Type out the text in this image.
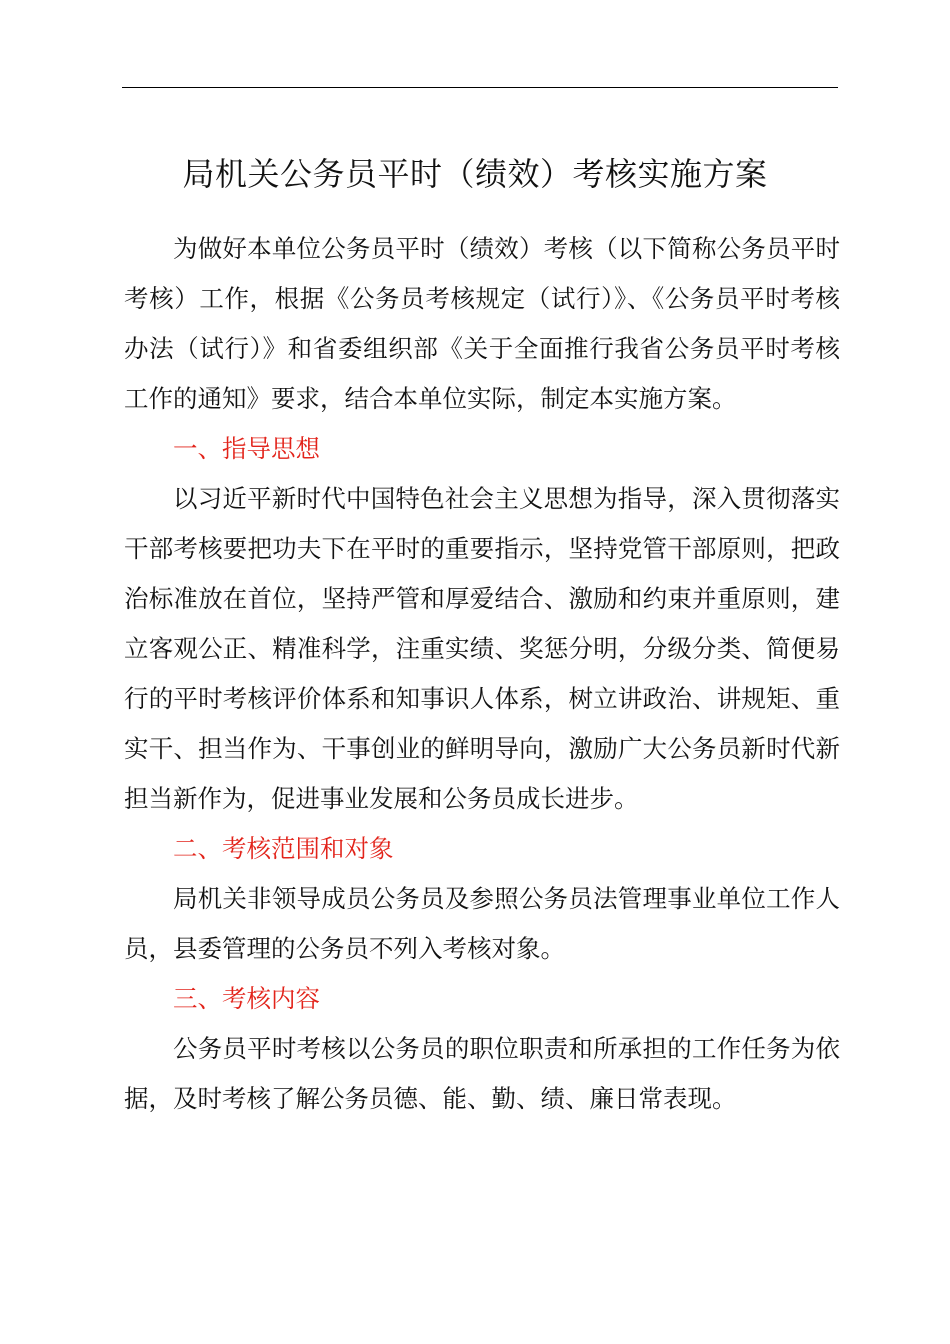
局机关公务员平时（绩效）考核实施方案

为做好本单位公务员平时（绩效）考核（以下简称公务员平时考核）工作，根据《公务员考核规定（试行）》、《公务员平时考核办法（试行）》和省委组织部《关于全面推行我省公务员平时考核工作的通知》要求，结合本单位实际，制定本实施方案。

一、指导思想

以习近平新时代中国特色社会主义思想为指导，深入贯彻落实干部考核要把功夫下在平时的重要指示，坚持党管干部原则，把政治标准放在首位，坚持严管和厚爱结合、激励和约束并重原则，建立客观公正、精准科学，注重实绩、奖惩分明，分级分类、简便易行的平时考核评价体系和知事识人体系，树立讲政治、讲规矩、重实干、担当作为、干事创业的鲜明导向，激励广大公务员新时代新担当新作为，促进事业发展和公务员成长进步。

二、考核范围和对象

局机关非领导成员公务员及参照公务员法管理事业单位工作人员，县委管理的公务员不列入考核对象。

三、考核内容

公务员平时考核以公务员的职位职责和所承担的工作任务为依据，及时考核了解公务员德、能、勤、绩、廉日常表现。
